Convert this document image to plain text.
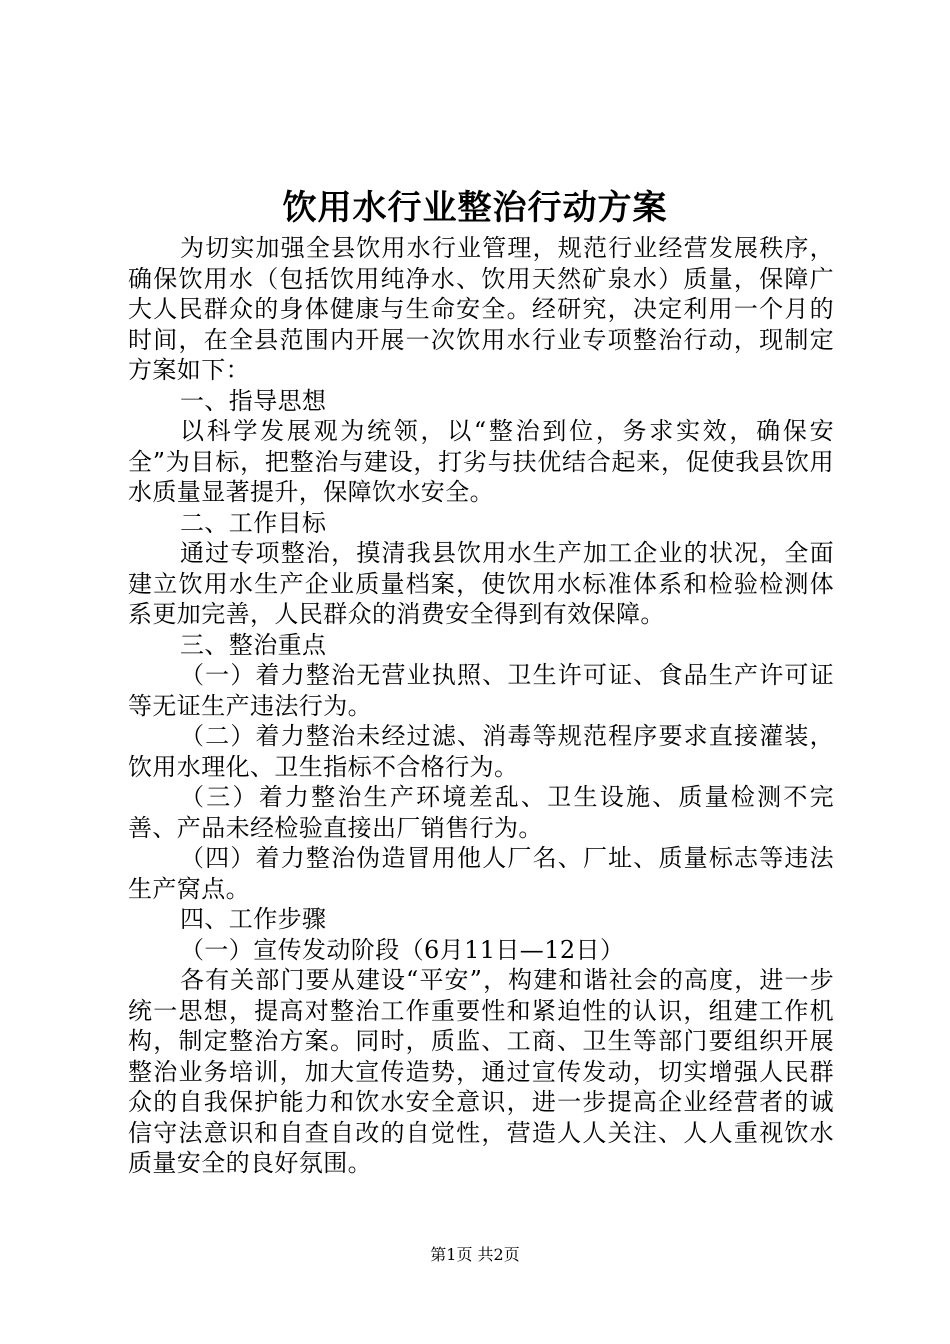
饮用水行业整治行动方案

为切实加强全县饮用水行业管理，规范行业经营发展秩序，确保饮用水（包括饮用纯净水、饮用天然矿泉水）质量，保障广大人民群众的身体健康与生命安全。经研究，决定利用一个月的时间，在全县范围内开展一次饮用水行业专项整治行动，现制定方案如下：

一、指导思想

以科学发展观为统领，以“整治到位，务求实效，确保安全”为目标，把整治与建设，打劣与扶优结合起来，促使我县饮用水质量显著提升，保障饮水安全。

二、工作目标

通过专项整治，摸清我县饮用水生产加工企业的状况，全面建立饮用水生产企业质量档案，使饮用水标准体系和检验检测体系更加完善，人民群众的消费安全得到有效保障。

三、整治重点

（一）着力整治无营业执照、卫生许可证、食品生产许可证等无证生产违法行为。

（二）着力整治未经过滤、消毒等规范程序要求直接灌装，饮用水理化、卫生指标不合格行为。

（三）着力整治生产环境差乱、卫生设施、质量检测不完善、产品未经检验直接出厂销售行为。

（四）着力整治伪造冒用他人厂名、厂址、质量标志等违法生产窝点。

四、工作步骤

（一）宣传发动阶段（6月11日—12日）

各有关部门要从建设“平安”，构建和谐社会的高度，进一步统一思想，提高对整治工作重要性和紧迫性的认识，组建工作机构，制定整治方案。同时，质监、工商、卫生等部门要组织开展整治业务培训，加大宣传造势，通过宣传发动，切实增强人民群众的自我保护能力和饮水安全意识，进一步提高企业经营者的诚信守法意识和自查自改的自觉性，营造人人关注、人人重视饮水质量安全的良好氛围。

第1页 共2页
